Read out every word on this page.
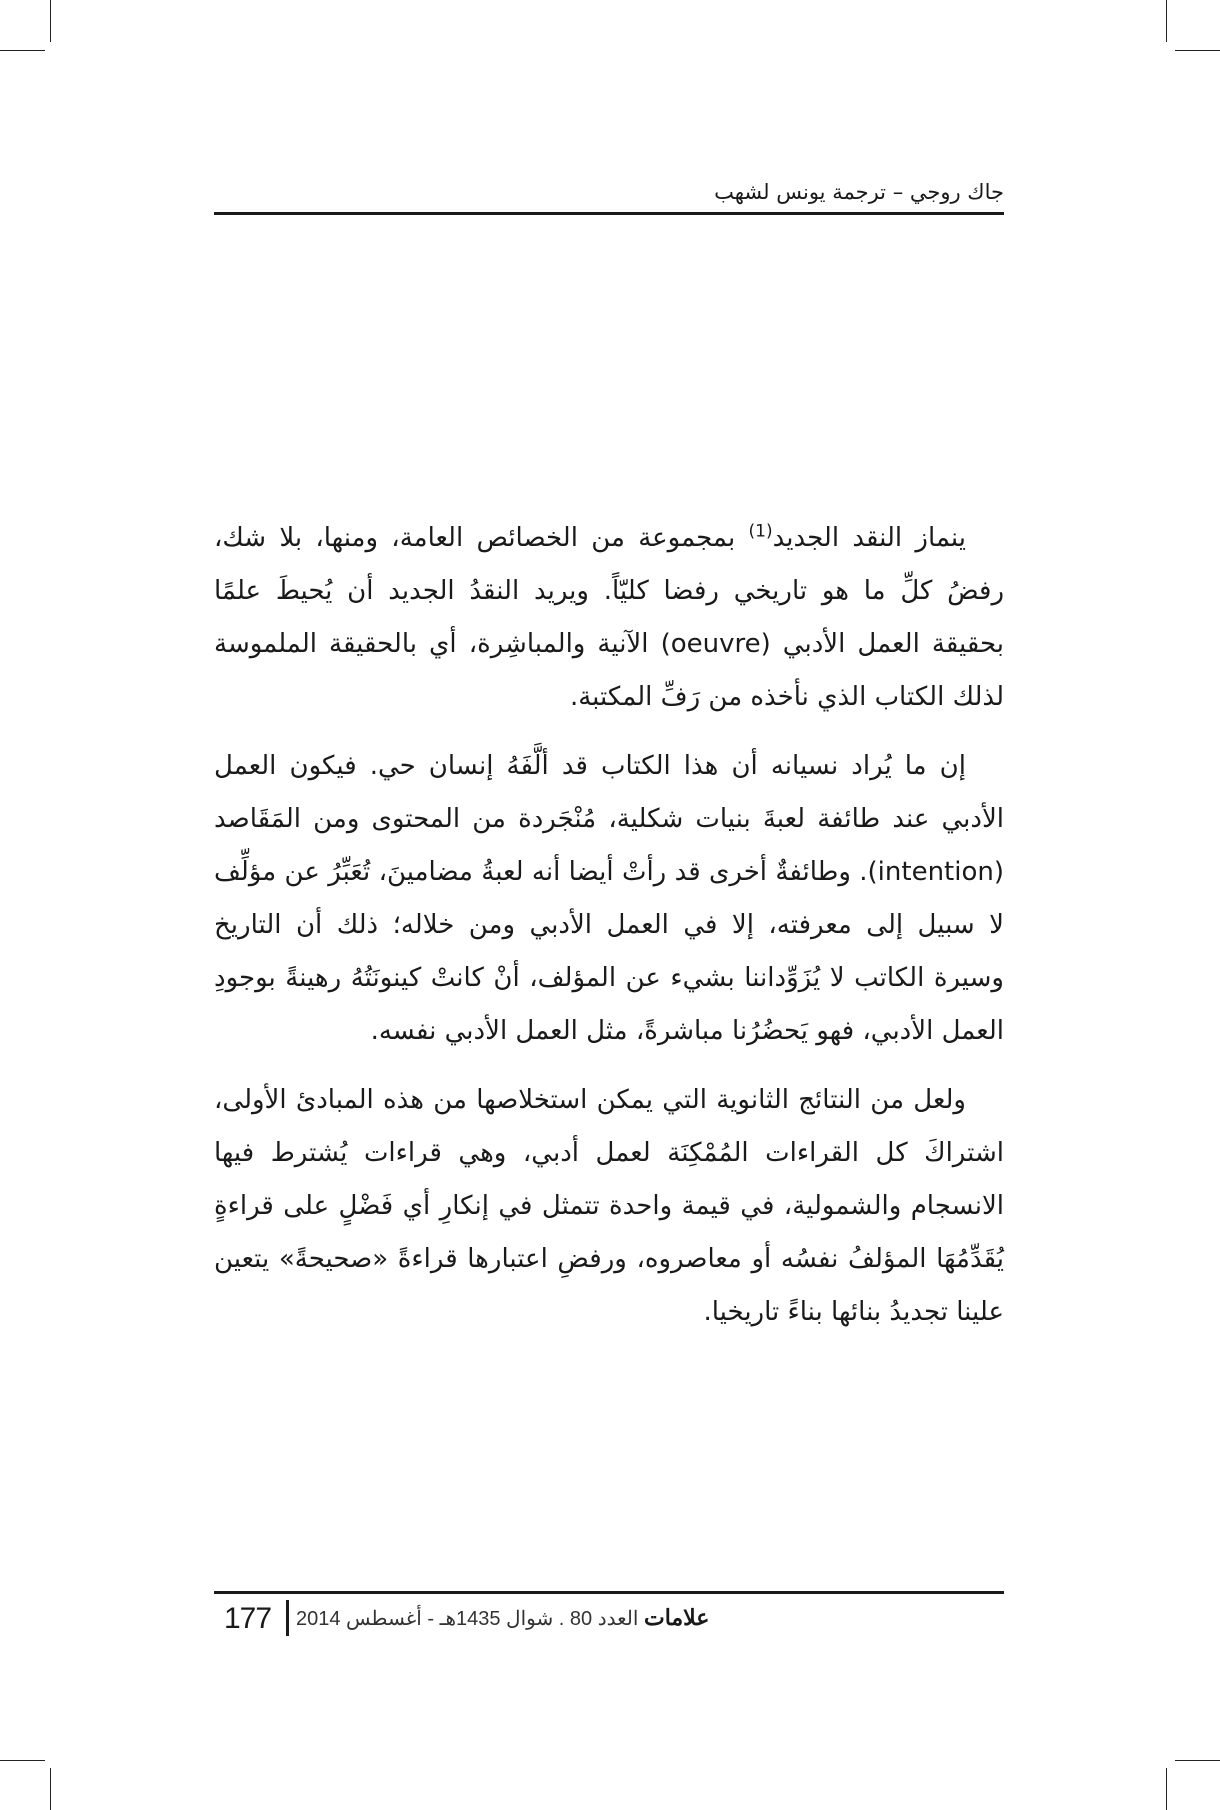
جاك روجي – ترجمة يونس لشهب

ينماز النقد الجديد$^{(1)}$ بمجموعة من الخصائص العامة، ومنها، بلا شك، رفضُ كلِّ ما هو تاريخي رفضا كليّاً. ويريد النقدُ الجديد أن يُحيطَ علمًا بحقيقة العمل الأدبي (oeuvre) الآنية والمباشِرة، أي بالحقيقة الملموسة لذلك الكتاب الذي نأخذه من رَفِّ المكتبة.

إن ما يُراد نسيانه أن هذا الكتاب قد ألَّفَهُ إنسان حي. فيكون العمل الأدبي عند طائفة لعبةَ بنيات شكلية، مُنْجَردة من المحتوى ومن المَقَاصد (intention). وطائفةٌ أخرى قد رأتْ أيضا أنه لعبةُ مضامينَ، تُعَبِّرُ عن مؤلِّف لا سبيل إلى معرفته، إلا في العمل الأدبي ومن خلاله؛ ذلك أن التاريخ وسيرة الكاتب لا يُزَوِّداننا بشيء عن المؤلف، أنْ كانتْ كينونَتُهُ رهينةً بوجودِ العمل الأدبي، فهو يَحضُرُنا مباشرةً، مثل العمل الأدبي نفسه.

ولعل من النتائج الثانوية التي يمكن استخلاصها من هذه المبادئ الأولى، اشتراكَ كل القراءات المُمْكِنَة لعمل أدبي، وهي قراءات يُشترط فيها الانسجام والشمولية، في قيمة واحدة تتمثل في إنكارِ أي فَضْلٍ على قراءةٍ يُقَدِّمُهَا المؤلفُ نفسُه أو معاصروه، ورفضِ اعتبارها قراءةً «صحيحةً» يتعين علينا تجديدُ بنائها بناءً تاريخيا.

177	علامات العدد 80 . شوال 1435هـ - أغسطس 2014
